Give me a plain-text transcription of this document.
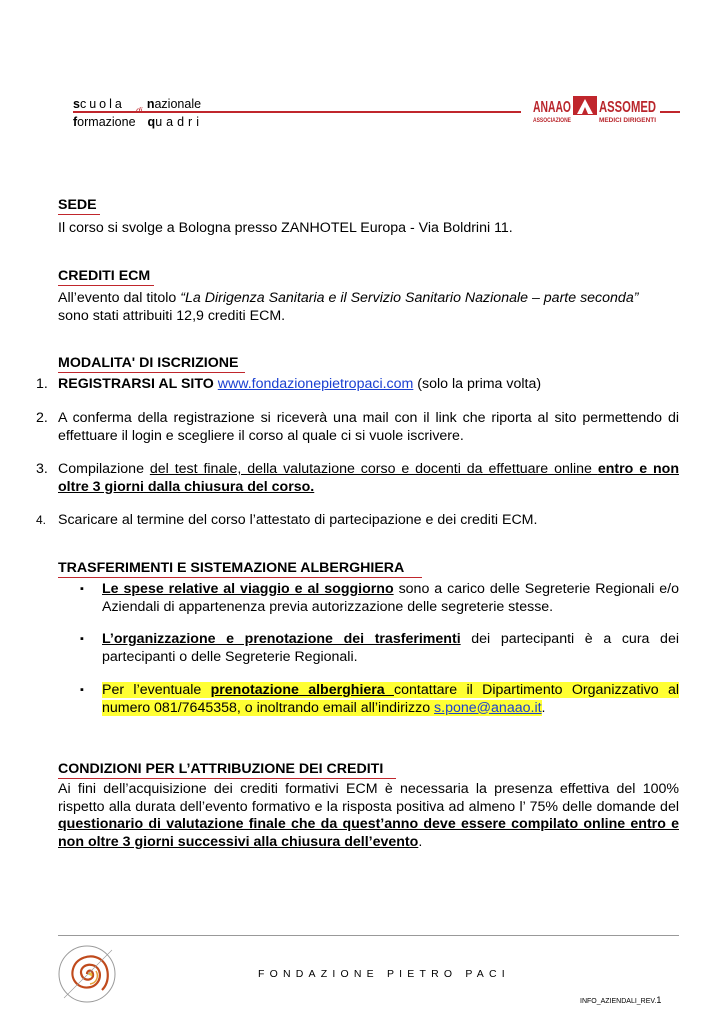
scuola nazionale
formazione quadri
ANAAO ASSOMED
ASSOCIAZIONE	MEDICI DIRIGENTI
SEDE
Il corso si svolge a Bologna presso ZANHOTEL Europa - Via Boldrini 11.
CREDITI ECM
All’evento dal titolo “La Dirigenza Sanitaria e il Servizio Sanitario Nazionale – parte seconda”
sono stati attribuiti 12,9 crediti ECM.
MODALITA' DI ISCRIZIONE
1. REGISTRARSI AL SITO www.fondazionepietropaci.com (solo la prima volta)
2. A conferma della registrazione si riceverà una mail con il link che riporta al sito permettendo di effettuare il login e scegliere il corso al quale ci si vuole iscrivere.
3. Compilazione del test finale, della valutazione corso e docenti da effettuare online entro e non oltre 3 giorni dalla chiusura del corso.
4. Scaricare al termine del corso l’attestato di partecipazione e dei crediti ECM.
TRASFERIMENTI E SISTEMAZIONE ALBERGHIERA
▪ Le spese relative al viaggio e al soggiorno sono a carico delle Segreterie Regionali e/o Aziendali di appartenenza previa autorizzazione delle segreterie stesse.
▪ L’organizzazione e prenotazione dei trasferimenti dei partecipanti è a cura dei partecipanti o delle Segreterie Regionali.
▪ Per l’eventuale prenotazione alberghiera contattare il Dipartimento Organizzativo al numero 081/7645358, o inoltrando email all’indirizzo s.pone@anaao.it.
CONDIZIONI PER L’ATTRIBUZIONE DEI CREDITI
Ai fini dell’acquisizione dei crediti formativi ECM è necessaria la presenza effettiva del 100% rispetto alla durata dell’evento formativo e la risposta positiva ad almeno l’ 75% delle domande del questionario di valutazione finale che da quest’anno deve essere compilato online entro e non oltre 3 giorni successivi alla chiusura dell’evento.
FONDAZIONE PIETRO PACI
INFO_AZIENDALI_REV.1
